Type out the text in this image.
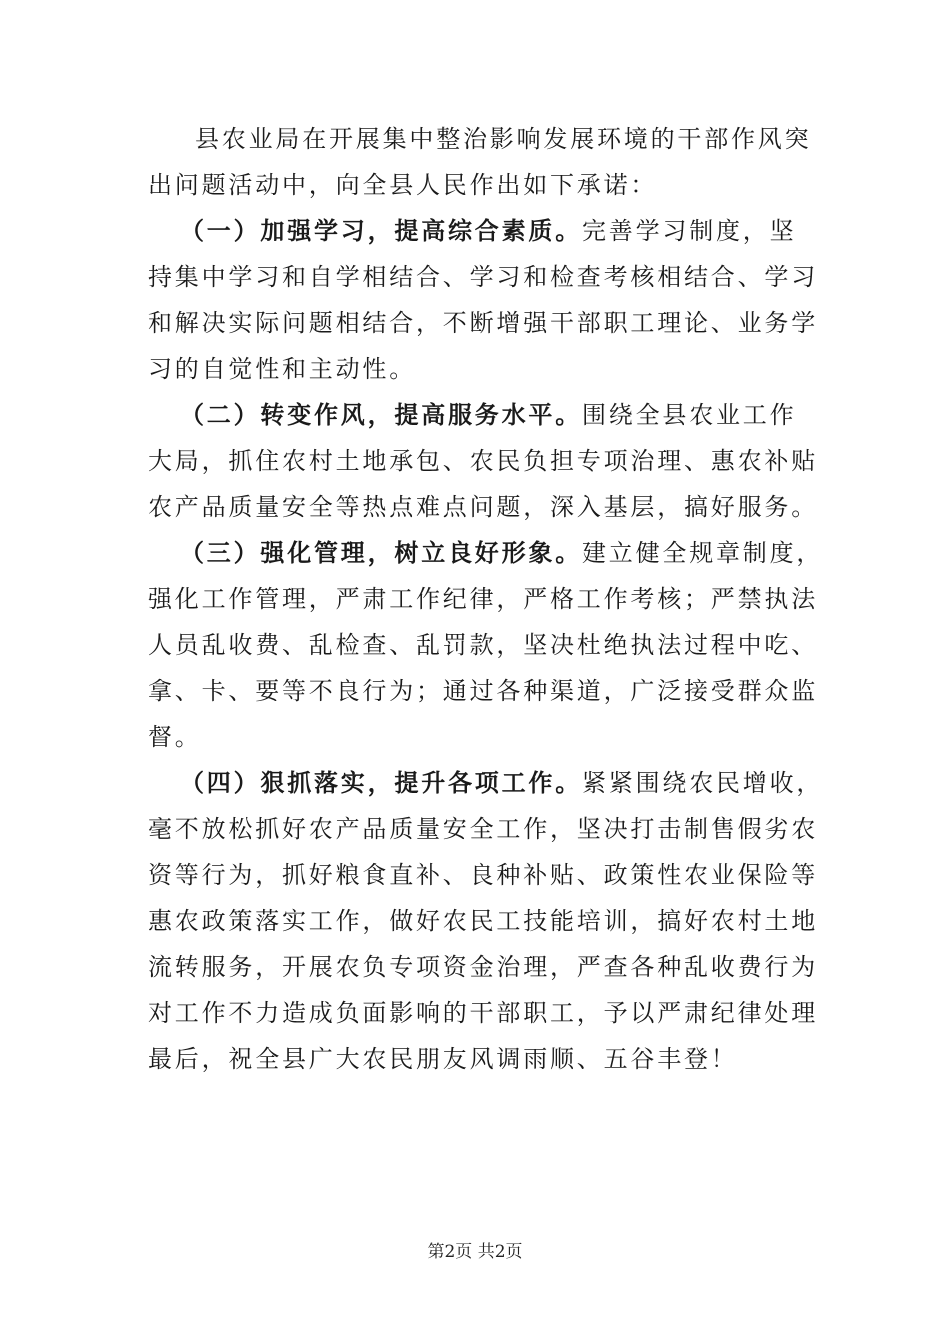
县农业局在开展集中整治影响发展环境的干部作风突
出问题活动中，向全县人民作出如下承诺：
（一）加强学习，提高综合素质。完善学习制度，坚
持集中学习和自学相结合、学习和检查考核相结合、学习
和解决实际问题相结合，不断增强干部职工理论、业务学
习的自觉性和主动性。
（二）转变作风，提高服务水平。围绕全县农业工作
大局，抓住农村土地承包、农民负担专项治理、惠农补贴
农产品质量安全等热点难点问题，深入基层，搞好服务。
（三）强化管理，树立良好形象。建立健全规章制度，
强化工作管理，严肃工作纪律，严格工作考核；严禁执法
人员乱收费、乱检查、乱罚款，坚决杜绝执法过程中吃、
拿、卡、要等不良行为；通过各种渠道，广泛接受群众监
督。
（四）狠抓落实，提升各项工作。紧紧围绕农民增收，
毫不放松抓好农产品质量安全工作，坚决打击制售假劣农
资等行为，抓好粮食直补、良种补贴、政策性农业保险等
惠农政策落实工作，做好农民工技能培训，搞好农村土地
流转服务，开展农负专项资金治理，严查各种乱收费行为
对工作不力造成负面影响的干部职工，予以严肃纪律处理
最后，祝全县广大农民朋友风调雨顺、五谷丰登！
第2页 共2页
